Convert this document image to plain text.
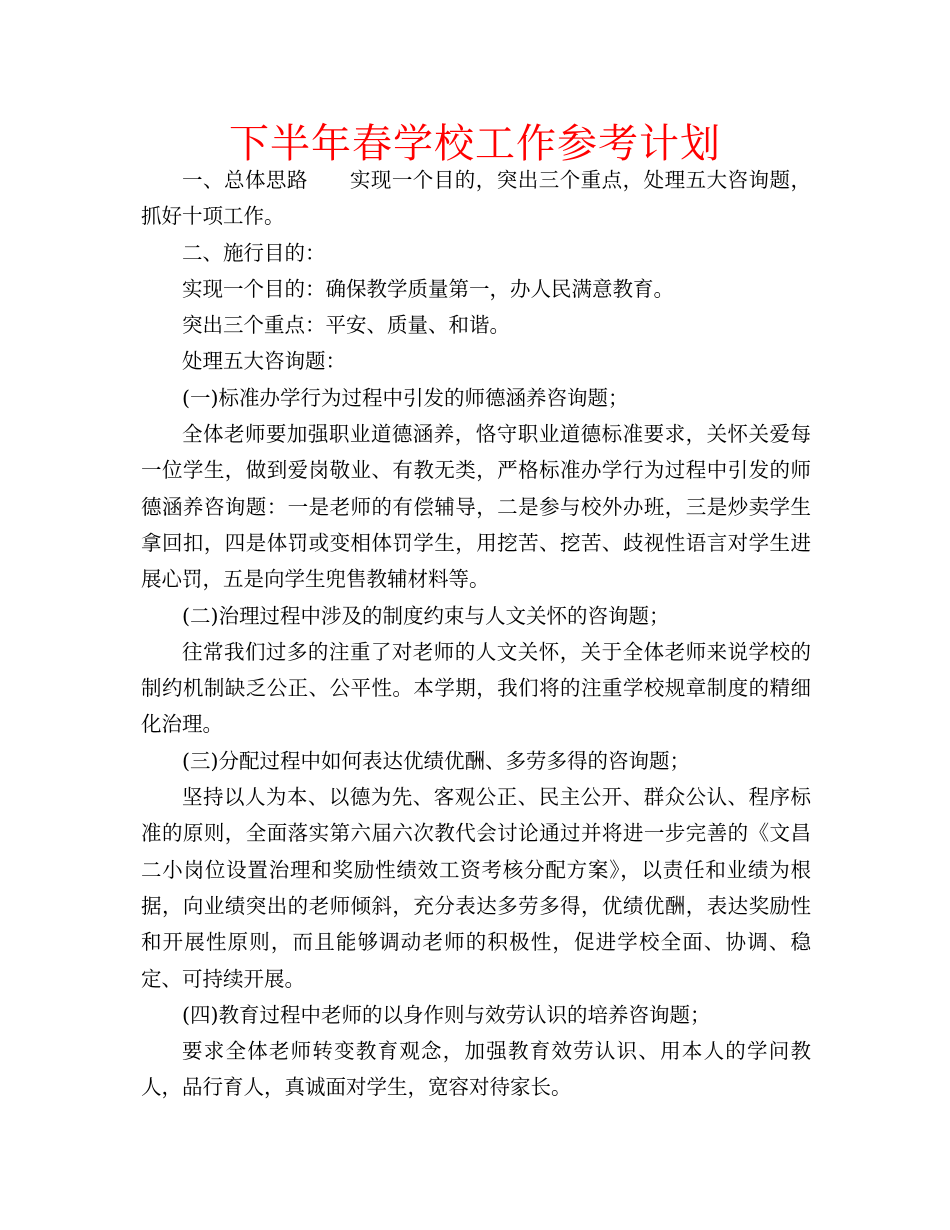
下半年春学校工作参考计划

一、总体思路　　实现一个目的，突出三个重点，处理五大咨询题，抓好十项工作。

二、施行目的：

实现一个目的：确保教学质量第一，办人民满意教育。

突出三个重点：平安、质量、和谐。

处理五大咨询题：

(一)标准办学行为过程中引发的师德涵养咨询题；

全体老师要加强职业道德涵养，恪守职业道德标准要求，关怀关爱每一位学生，做到爱岗敬业、有教无类，严格标准办学行为过程中引发的师德涵养咨询题：一是老师的有偿辅导，二是参与校外办班，三是炒卖学生拿回扣，四是体罚或变相体罚学生，用挖苦、挖苦、歧视性语言对学生进展心罚，五是向学生兜售教辅材料等。

(二)治理过程中涉及的制度约束与人文关怀的咨询题；

往常我们过多的注重了对老师的人文关怀，关于全体老师来说学校的制约机制缺乏公正、公平性。本学期，我们将的注重学校规章制度的精细化治理。

(三)分配过程中如何表达优绩优酬、多劳多得的咨询题；

坚持以人为本、以德为先、客观公正、民主公开、群众公认、程序标准的原则，全面落实第六届六次教代会讨论通过并将进一步完善的《文昌二小岗位设置治理和奖励性绩效工资考核分配方案》，以责任和业绩为根据，向业绩突出的老师倾斜，充分表达多劳多得，优绩优酬，表达奖励性和开展性原则，而且能够调动老师的积极性，促进学校全面、协调、稳定、可持续开展。

(四)教育过程中老师的以身作则与效劳认识的培养咨询题；

要求全体老师转变教育观念，加强教育效劳认识、用本人的学问教人，品行育人，真诚面对学生，宽容对待家长。
